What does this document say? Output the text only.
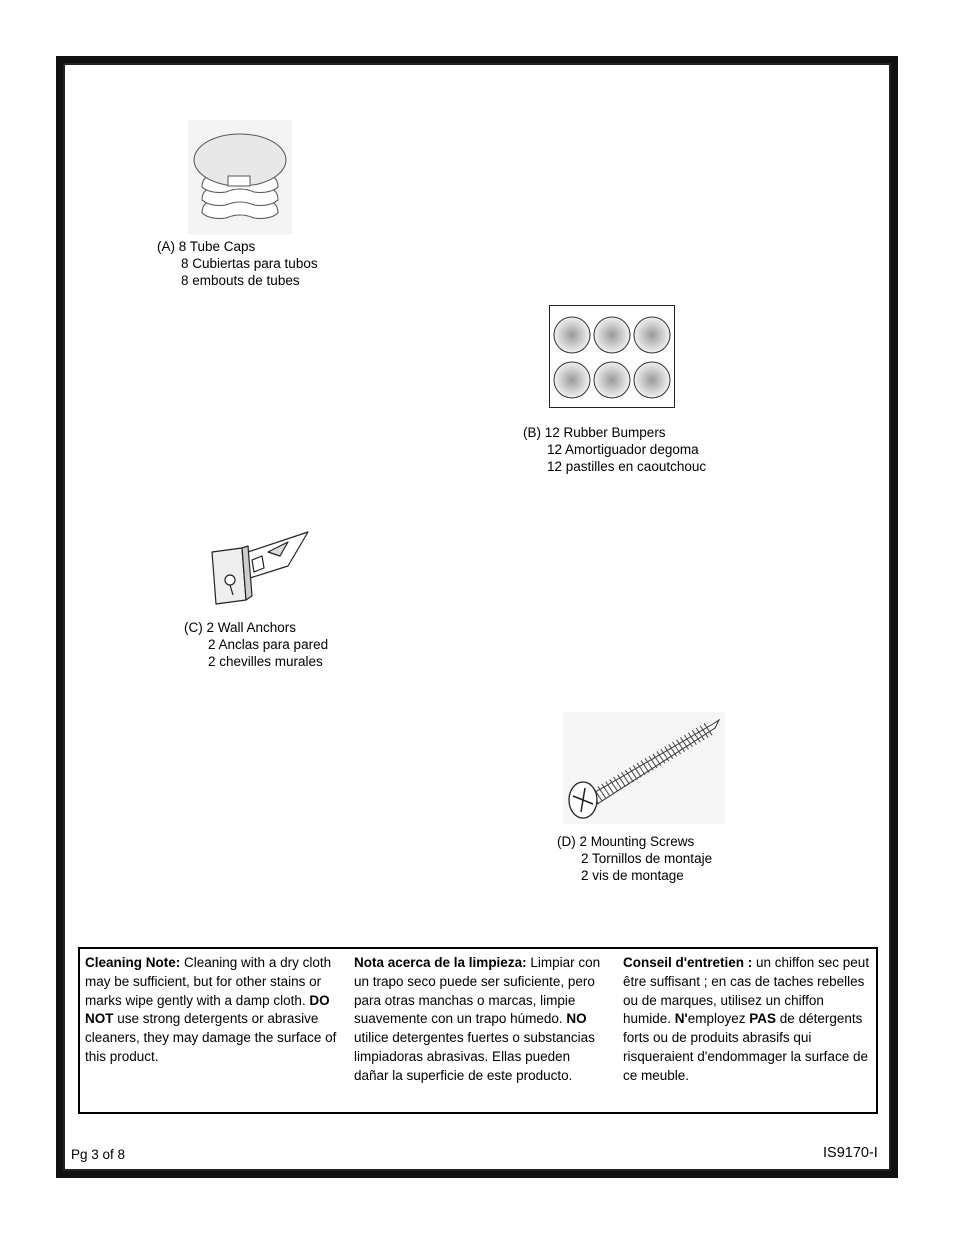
(A) 8 Tube Caps
8 Cubiertas para tubos
8 embouts de tubes
(B) 12 Rubber Bumpers
12 Amortiguador degoma
12 pastilles en caoutchouc
(C) 2 Wall Anchors
2 Anclas para pared
2 chevilles murales
(D) 2 Mounting Screws
2 Tornillos de montaje
2 vis de montage
Cleaning Note: Cleaning with a dry cloth may be sufficient, but for other stains or marks wipe gently with a damp cloth. DO NOT use strong detergents or abrasive cleaners, they may damage the surface of this product.
Nota acerca de la limpieza: Limpiar con un trapo seco puede ser suficiente, pero para otras manchas o marcas, limpie suavemente con un trapo húmedo. NO utilice detergentes fuertes o substancias limpiadoras abrasivas. Ellas pueden dañar la superficie de este producto.
Conseil d'entretien : un chiffon sec peut être suffisant ; en cas de taches rebelles ou de marques, utilisez un chiffon humide. N'employez PAS de détergents forts ou de produits abrasifs qui risqueraient d'endommager la surface de ce meuble.
Pg 3 of 8	IS9170-I
